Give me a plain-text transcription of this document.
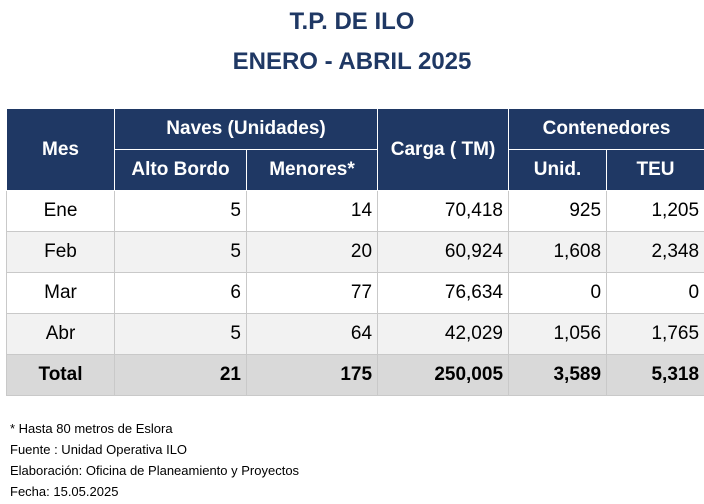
T.P. DE ILO
ENERO - ABRIL 2025
Mes	Naves (Unidades)		Carga ( TM)	Contenedores	
	Alto Bordo	Menores*		Unid.	TEU
Ene	5	14	70,418	925	1,205
Feb	5	20	60,924	1,608	2,348
Mar	6	77	76,634	0	0
Abr	5	64	42,029	1,056	1,765
Total	21	175	250,005	3,589	5,318
* Hasta 80 metros de Eslora
Fuente : Unidad Operativa ILO
Elaboración: Oficina de Planeamiento y Proyectos
Fecha: 15.05.2025
